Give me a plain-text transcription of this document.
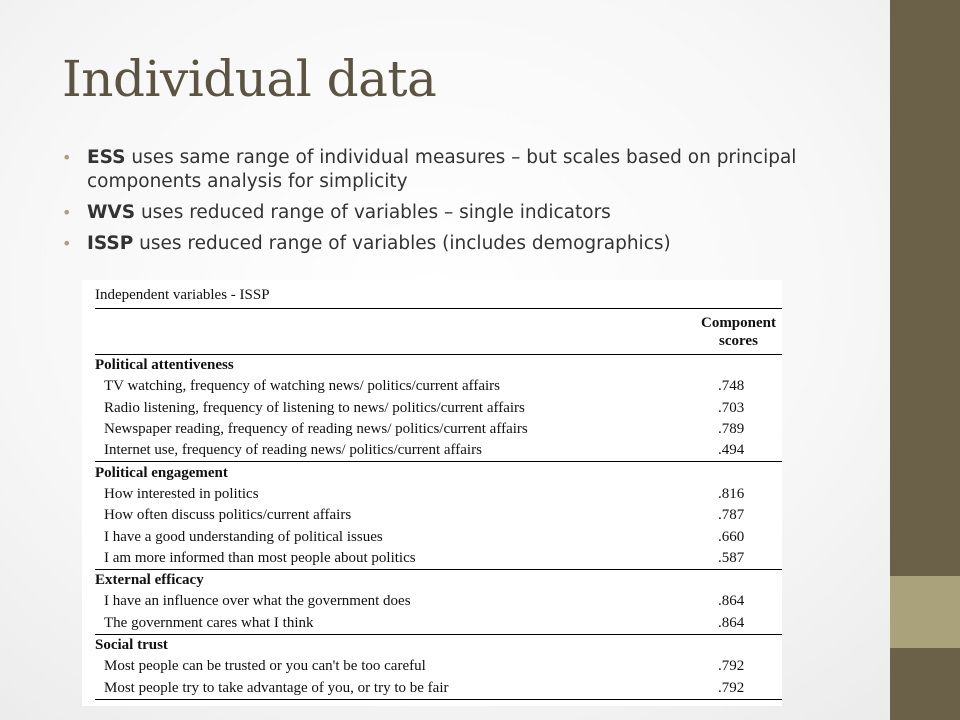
Individual data
• ESS uses same range of individual measures – but scales based on principal components analysis for simplicity
• WVS uses reduced range of variables – single indicators
• ISSP uses reduced range of variables (includes demographics)
Independent variables - ISSP

	Component
scores
Political attentiveness	
TV watching, frequency of watching news/ politics/current affairs	.748
Radio listening, frequency of listening to news/ politics/current affairs	.703
Newspaper reading, frequency of reading news/ politics/current affairs	.789
Internet use, frequency of reading news/ politics/current affairs	.494
Political engagement	
How interested in politics	.816
How often discuss politics/current affairs	.787
I have a good understanding of political issues	.660
I am more informed than most people about politics	.587
External efficacy	
I have an influence over what the government does	.864
The government cares what I think	.864
Social trust	
Most people can be trusted or you can't be too careful	.792
Most people try to take advantage of you, or try to be fair	.792
